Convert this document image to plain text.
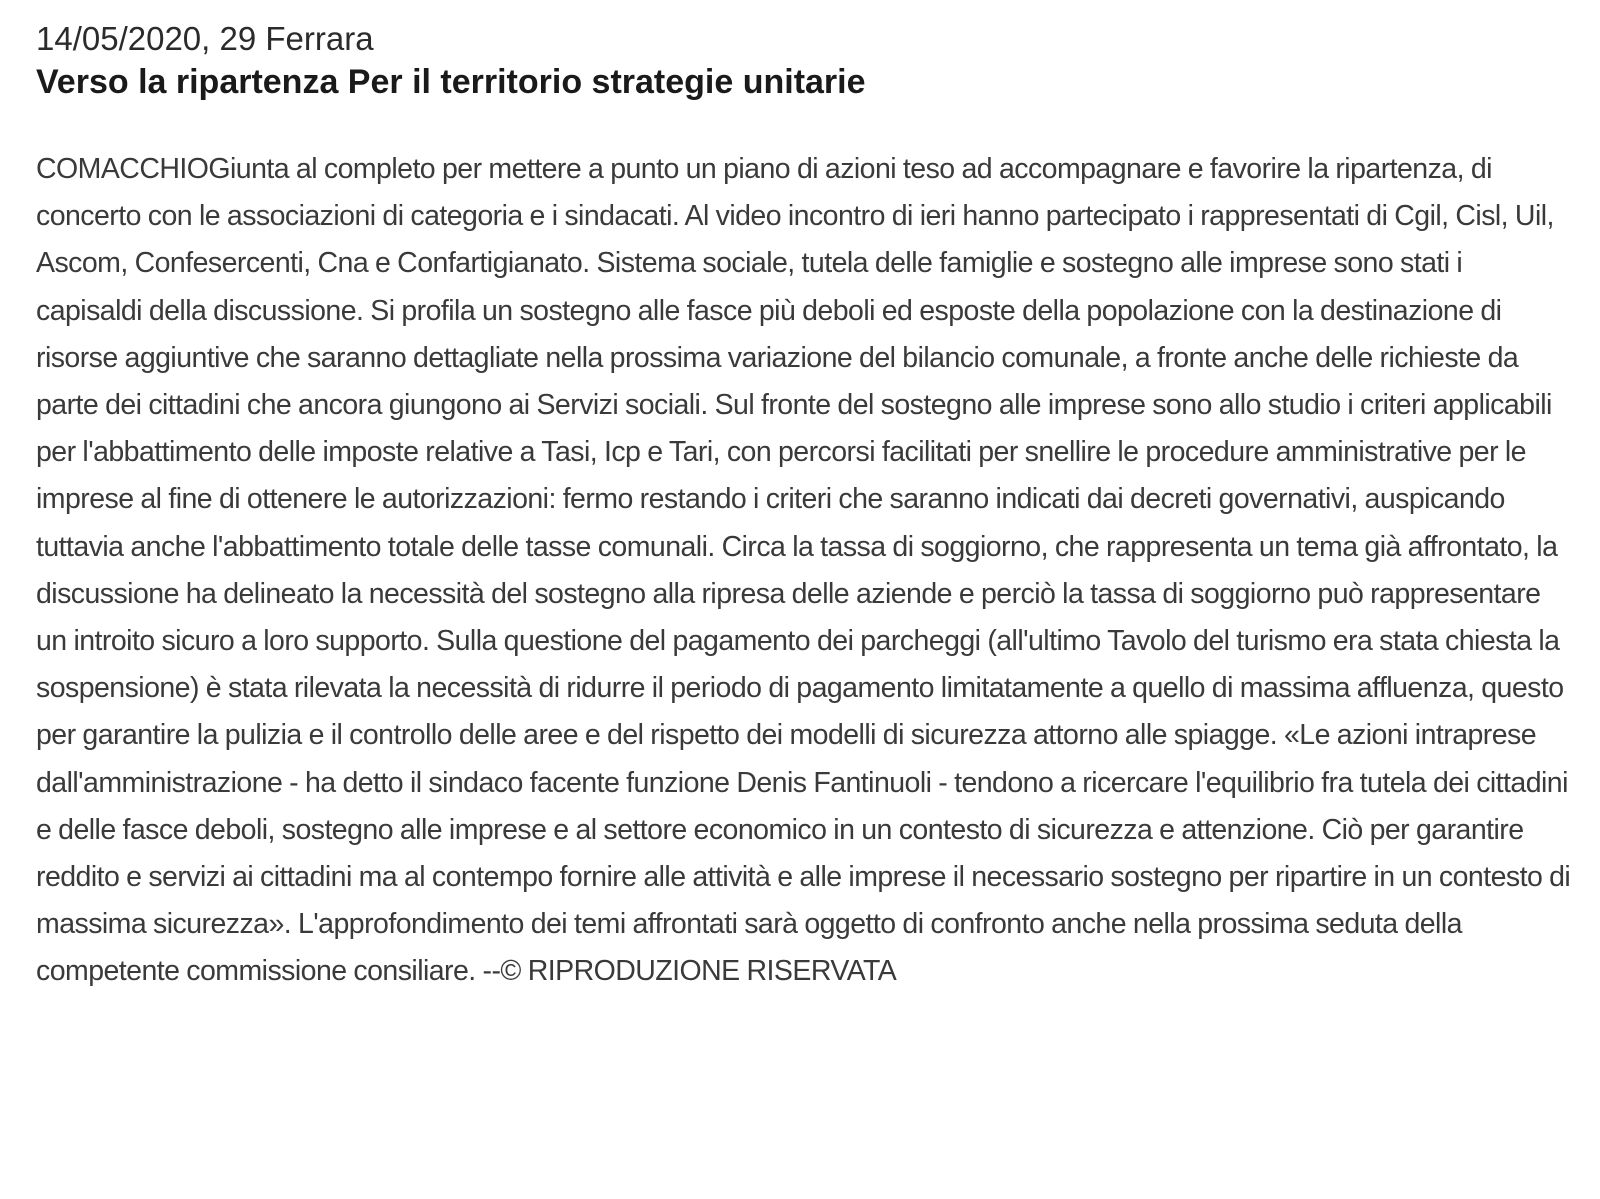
14/05/2020, 29 Ferrara

Verso la ripartenza Per il territorio strategie unitarie

COMACCHIOGiunta al completo per mettere a punto un piano di azioni teso ad accompagnare e favorire la ripartenza, di concerto con le associazioni di categoria e i sindacati. Al video incontro di ieri hanno partecipato i rappresentati di Cgil, Cisl, Uil, Ascom, Confesercenti, Cna e Confartigianato. Sistema sociale, tutela delle famiglie e sostegno alle imprese sono stati i capisaldi della discussione. Si profila un sostegno alle fasce più deboli ed esposte della popolazione con la destinazione di risorse aggiuntive che saranno dettagliate nella prossima variazione del bilancio comunale, a fronte anche delle richieste da parte dei cittadini che ancora giungono ai Servizi sociali. Sul fronte del sostegno alle imprese sono allo studio i criteri applicabili per l'abbattimento delle imposte relative a Tasi, Icp e Tari, con percorsi facilitati per snellire le procedure amministrative per le imprese al fine di ottenere le autorizzazioni: fermo restando i criteri che saranno indicati dai decreti governativi, auspicando tuttavia anche l'abbattimento totale delle tasse comunali. Circa la tassa di soggiorno, che rappresenta un tema già affrontato, la discussione ha delineato la necessità del sostegno alla ripresa delle aziende e perciò la tassa di soggiorno può rappresentare un introito sicuro a loro supporto. Sulla questione del pagamento dei parcheggi (all'ultimo Tavolo del turismo era stata chiesta la sospensione) è stata rilevata la necessità di ridurre il periodo di pagamento limitatamente a quello di massima affluenza, questo per garantire la pulizia e il controllo delle aree e del rispetto dei modelli di sicurezza attorno alle spiagge. «Le azioni intraprese dall'amministrazione - ha detto il sindaco facente funzione Denis Fantinuoli - tendono a ricercare l'equilibrio fra tutela dei cittadini e delle fasce deboli, sostegno alle imprese e al settore economico in un contesto di sicurezza e attenzione. Ciò per garantire reddito e servizi ai cittadini ma al contempo fornire alle attività e alle imprese il necessario sostegno per ripartire in un contesto di massima sicurezza». L'approfondimento dei temi affrontati sarà oggetto di confronto anche nella prossima seduta della competente commissione consiliare. --© RIPRODUZIONE RISERVATA
